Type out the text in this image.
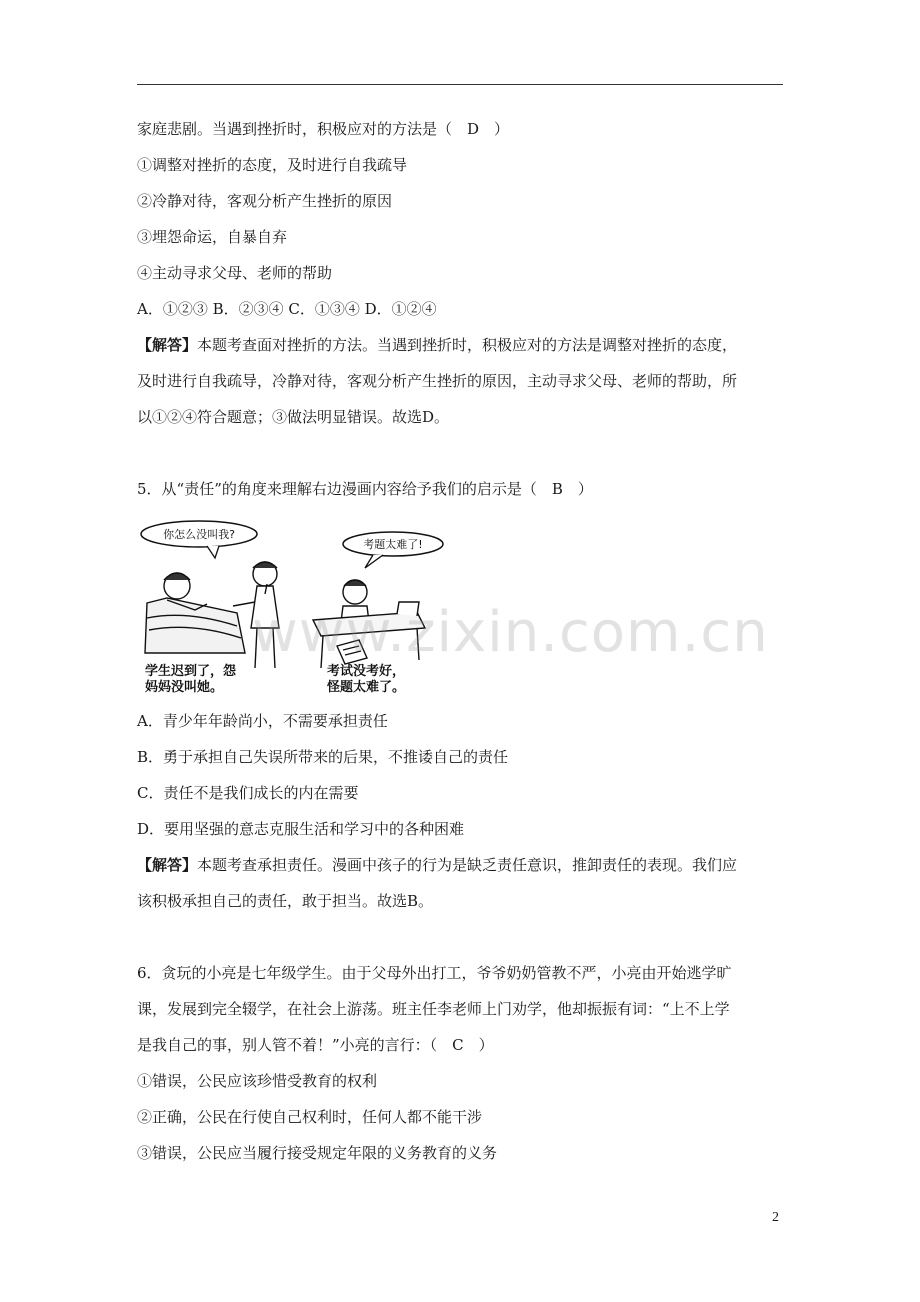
家庭悲剧。当遇到挫折时，积极应对的方法是（　D　）
①调整对挫折的态度，及时进行自我疏导
②冷静对待，客观分析产生挫折的原因
③埋怨命运，自暴自弃
④主动寻求父母、老师的帮助
A．①②③ B．②③④ C．①③④ D．①②④
【解答】本题考查面对挫折的方法。当遇到挫折时，积极应对的方法是调整对挫折的态度，
及时进行自我疏导，冷静对待，客观分析产生挫折的原因，主动寻求父母、老师的帮助，所
以①②④符合题意；③做法明显错误。故选D。
5．从“责任”的角度来理解右边漫画内容给予我们的启示是（　B　）
你怎么没叫我?
考题太难了!
学生迟到了，怨
妈妈没叫她。
考试没考好，
怪题太难了。
A．青少年年龄尚小，不需要承担责任
B．勇于承担自己失误所带来的后果，不推诿自己的责任
C．责任不是我们成长的内在需要
D．要用坚强的意志克服生活和学习中的各种困难
【解答】本题考查承担责任。漫画中孩子的行为是缺乏责任意识，推卸责任的表现。我们应
该积极承担自己的责任，敢于担当。故选B。
6．贪玩的小亮是七年级学生。由于父母外出打工，爷爷奶奶管教不严，小亮由开始逃学旷
课，发展到完全辍学，在社会上游荡。班主任李老师上门劝学，他却振振有词：“上不上学
是我自己的事，别人管不着！”小亮的言行：（　C　）
①错误，公民应该珍惜受教育的权利
②正确，公民在行使自己权利时，任何人都不能干涉
③错误，公民应当履行接受规定年限的义务教育的义务
www.zixin.com.cn
2
